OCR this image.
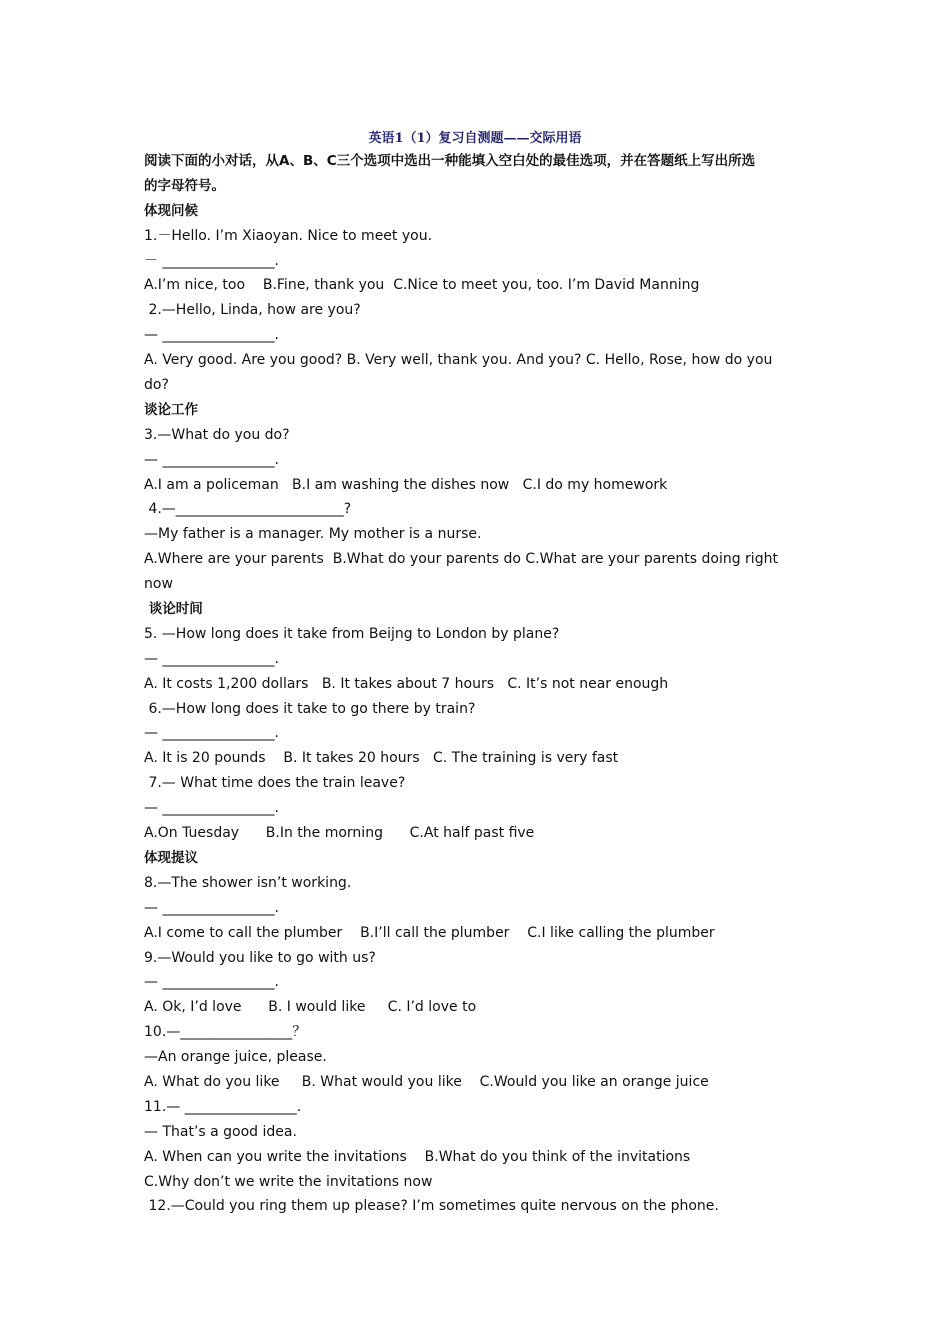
英语1（1）复习自测题——交际用语
阅读下面的小对话，从A、B、C三个选项中选出一种能填入空白处的最佳选项，并在答题纸上写出所选
的字母符号。
体现问候
1.－Hello. I’m Xiaoyan. Nice to meet you.
－ ________________.
A.I’m nice, too    B.Fine, thank you  C.Nice to meet you, too. I’m David Manning
2.—Hello, Linda, how are you?
— ________________.
A. Very good. Are you good? B. Very well, thank you. And you? C. Hello, Rose, how do you
do?
谈论工作
3.—What do you do?
— ________________.
A.I am a policeman   B.I am washing the dishes now   C.I do my homework
4.—________________________?
—My father is a manager. My mother is a nurse.
A.Where are your parents  B.What do your parents do C.What are your parents doing right
now
谈论时间
5. —How long does it take from Beijng to London by plane?
— ________________.
A. It costs 1,200 dollars   B. It takes about 7 hours   C. It’s not near enough
6.—How long does it take to go there by train?
— ________________.
A. It is 20 pounds    B. It takes 20 hours   C. The training is very fast
7.— What time does the train leave?
— ________________.
A.On Tuesday      B.In the morning      C.At half past five
体现提议
8.—The shower isn’t working.
— ________________.
A.I come to call the plumber    B.I’ll call the plumber    C.I like calling the plumber
9.—Would you like to go with us?
— ________________.
A. Ok, I’d love      B. I would like     C. I’d love to
10.—________________？
—An orange juice, please.
A. What do you like     B. What would you like    C.Would you like an orange juice
11.— ________________.
— That’s a good idea.
A. When can you write the invitations    B.What do you think of the invitations
C.Why don’t we write the invitations now
12.—Could you ring them up please? I’m sometimes quite nervous on the phone.
